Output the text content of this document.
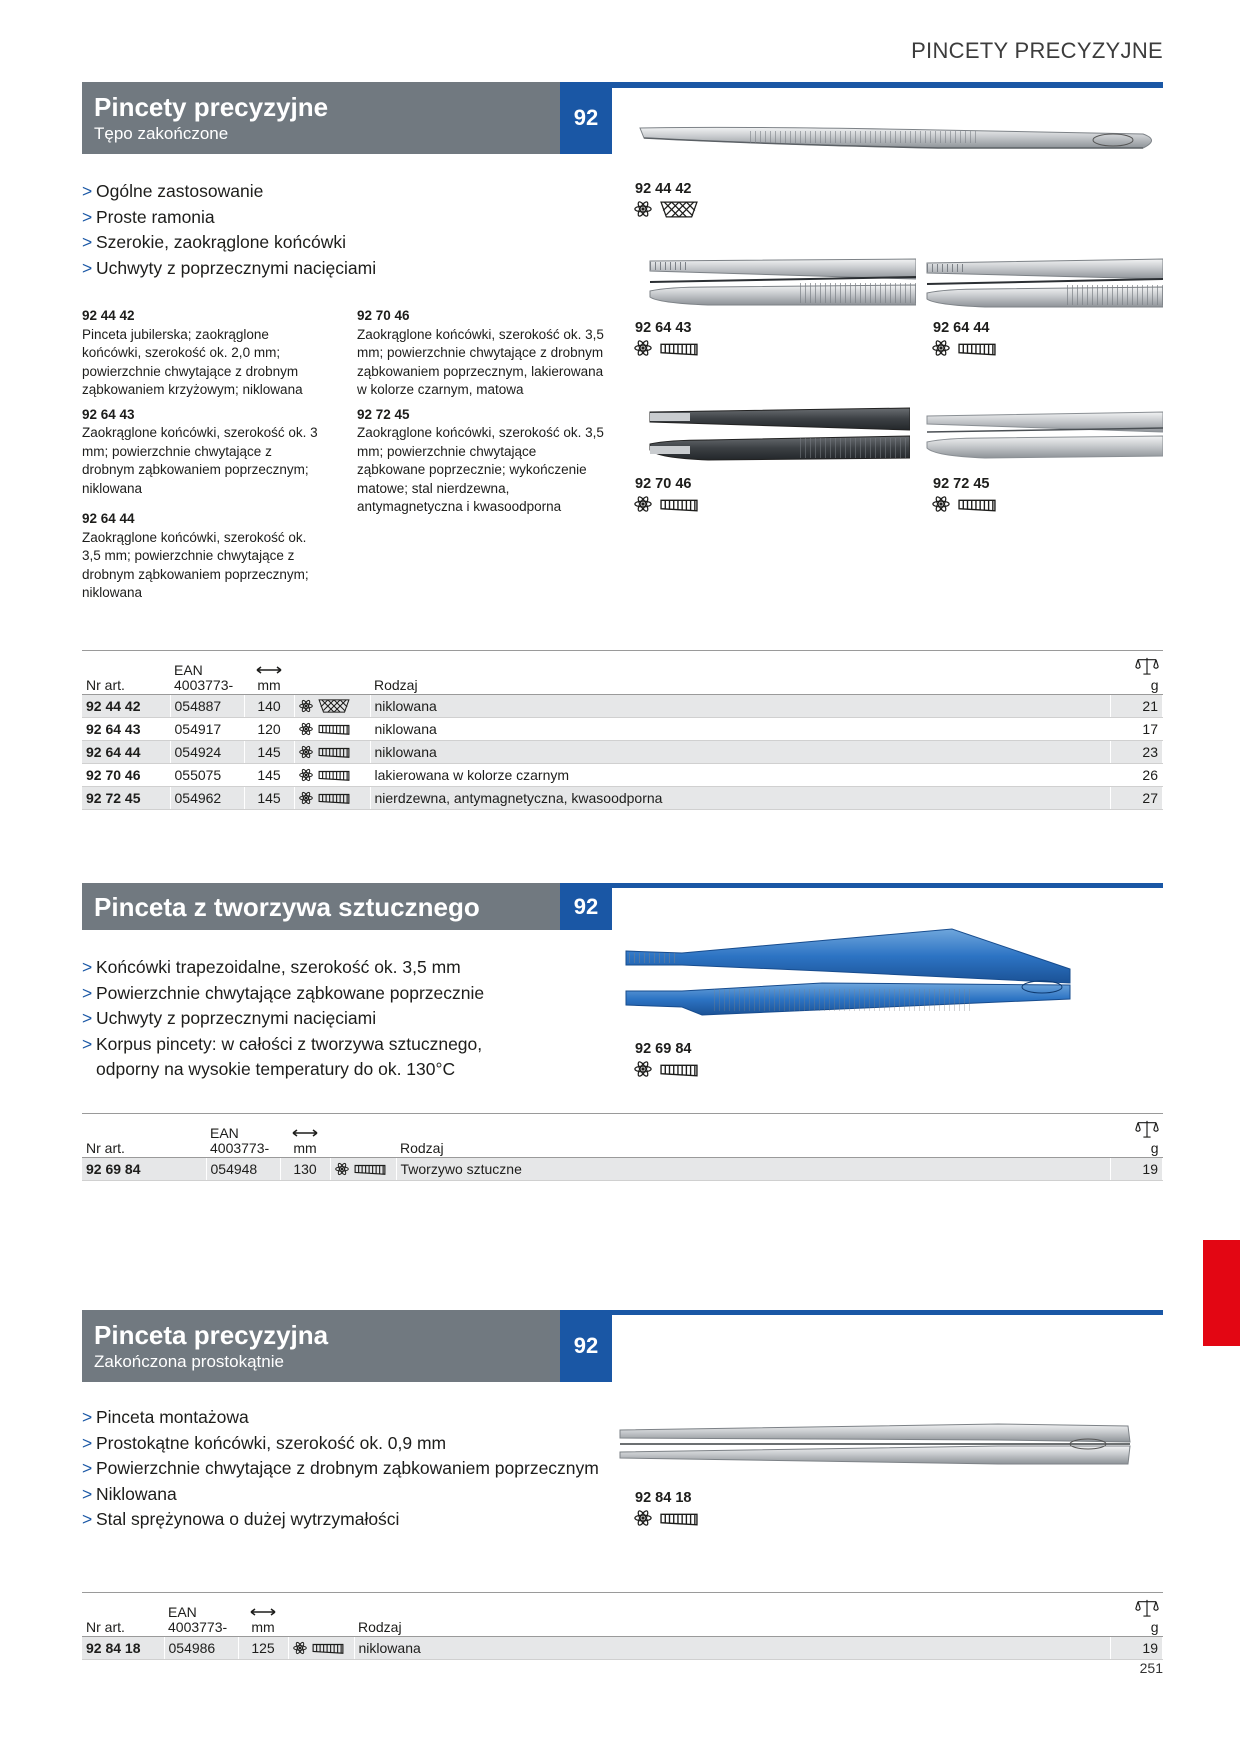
PINCETY PRECYZYJNE
Pincety precyzyjne
Tępo zakończone
92
> Ogólne zastosowanie
> Proste ramonia
> Szerokie, zaokrąglone końcówki
> Uchwyty z poprzecznymi nacięciami
92 44 42
Pinceta jubilerska; zaokrąglone końcówki, szerokość ok. 2,0 mm; powierzchnie chwytające z drobnym ząbkowaniem krzyżowym; niklowana
92 64 43
Zaokrąglone końcówki, szerokość ok. 3 mm; powierzchnie chwytające z drobnym ząbkowaniem poprzecznym; niklowana
92 64 44
Zaokrąglone końcówki, szerokość ok. 3,5 mm; powierzchnie chwytające z drobnym ząbkowaniem poprzecznym; niklowana
92 70 46
Zaokrąglone końcówki, szerokość ok. 3,5 mm; powierzchnie chwytające z drobnym ząbkowaniem poprzecznym, lakierowana w kolorze czarnym, matowa
92 72 45
Zaokrąglone końcówki, szerokość ok. 3,5 mm; powierzchnie chwytające ząbkowane poprzecznie; wykończenie matowe; stal nierdzewna, antymagnetyczna i kwasoodporna
92 44 42
92 64 43	92 64 44
92 70 46	92 72 45
Nr art.	EAN
4003773-	mm		Rodzaj	g
92 44 42	054887	140		niklowana	21
92 64 43	054917	120		niklowana	17
92 64 44	054924	145		niklowana	23
92 70 46	055075	145		lakierowana w kolorze czarnym	26
92 72 45	054962	145		nierdzewna, antymagnetyczna, kwasoodporna	27
Pinceta z tworzywa sztucznego	92
> Końcówki trapezoidalne, szerokość ok. 3,5 mm
> Powierzchnie chwytające ząbkowane poprzecznie
> Uchwyty z poprzecznymi nacięciami
> Korpus pincety: w całości z tworzywa sztucznego,
odporny na wysokie temperatury do ok. 130°C
92 69 84
Nr art.	EAN
4003773-	mm		Rodzaj	g
92 69 84	054948	130		Tworzywo sztuczne	19
Pinceta precyzyjna
Zakończona prostokątnie
92
> Pinceta montażowa
> Prostokątne końcówki, szerokość ok. 0,9 mm
> Powierzchnie chwytające z drobnym ząbkowaniem poprzecznym
> Niklowana
> Stal sprężynowa o dużej wytrzymałości
92 84 18
Nr art.	EAN
4003773-	mm		Rodzaj	g
92 84 18	054986	125		niklowana	19
251
